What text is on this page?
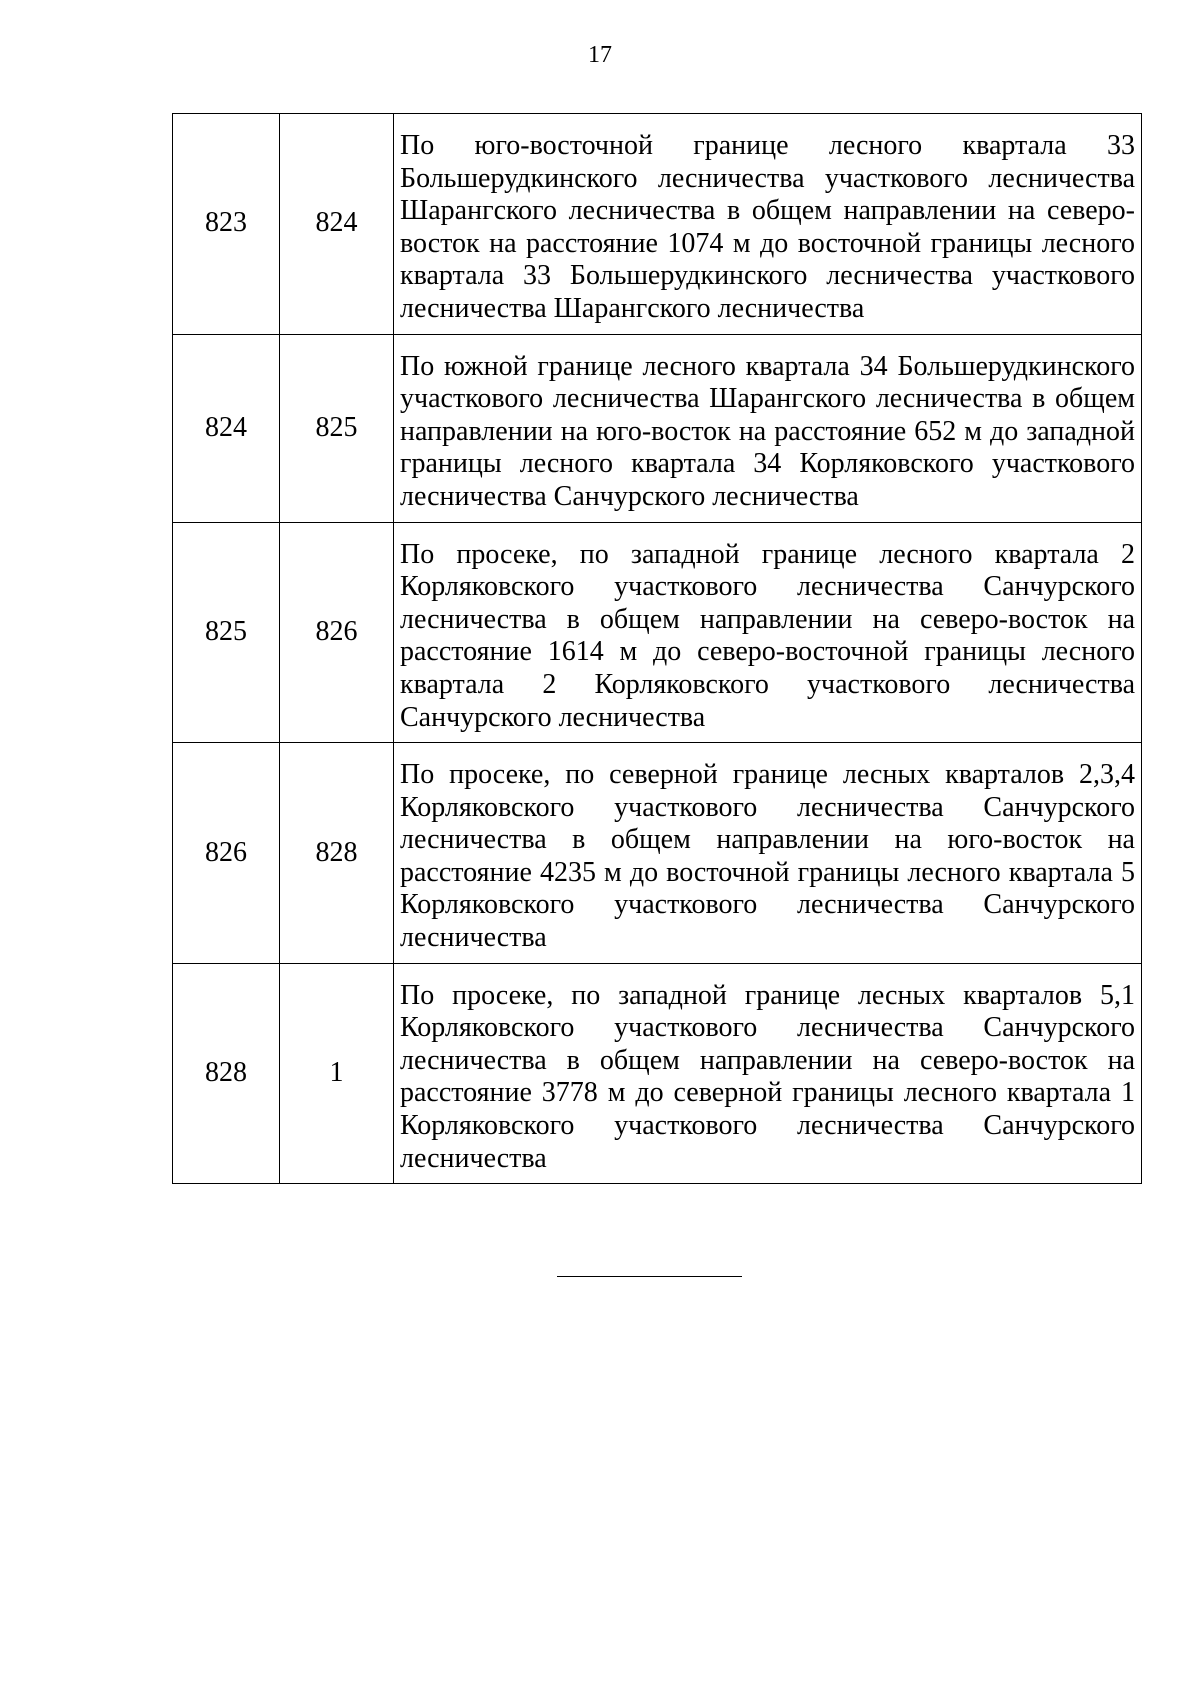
17
823	824	По юго-восточной границе лесного квартала 33 Большерудкинского лесничества участкового лесничества Шарангского лесничества в общем направлении на северо-восток на расстояние 1074 м до восточной границы лесного квартала 33 Большерудкинского лесничества участкового лесничества Шарангского лесничества
824	825	По южной границе лесного квартала 34 Большерудкинского участкового лесничества Шарангского лесничества в общем направлении на юго-восток на расстояние 652 м до западной границы лесного квартала 34 Корляковского участкового лесничества Санчурского лесничества
825	826	По просеке, по западной границе лесного квартала 2 Корляковского участкового лесничества Санчурского лесничества в общем направлении на северо-восток на расстояние 1614 м до северо-восточной границы лесного квартала 2 Корляковского участкового лесничества Санчурского лесничества
826	828	По просеке, по северной границе лесных кварталов 2,3,4 Корляковского участкового лесничества Санчурского лесничества в общем направлении на юго-восток на расстояние 4235 м до восточной границы лесного квартала 5 Корляковского участкового лесничества Санчурского лесничества
828	1	По просеке, по западной границе лесных кварталов 5,1 Корляковского участкового лесничества Санчурского лесничества в общем направлении на северо-восток на расстояние 3778 м до северной границы лесного квартала 1 Корляковского участкового лесничества Санчурского лесничества
